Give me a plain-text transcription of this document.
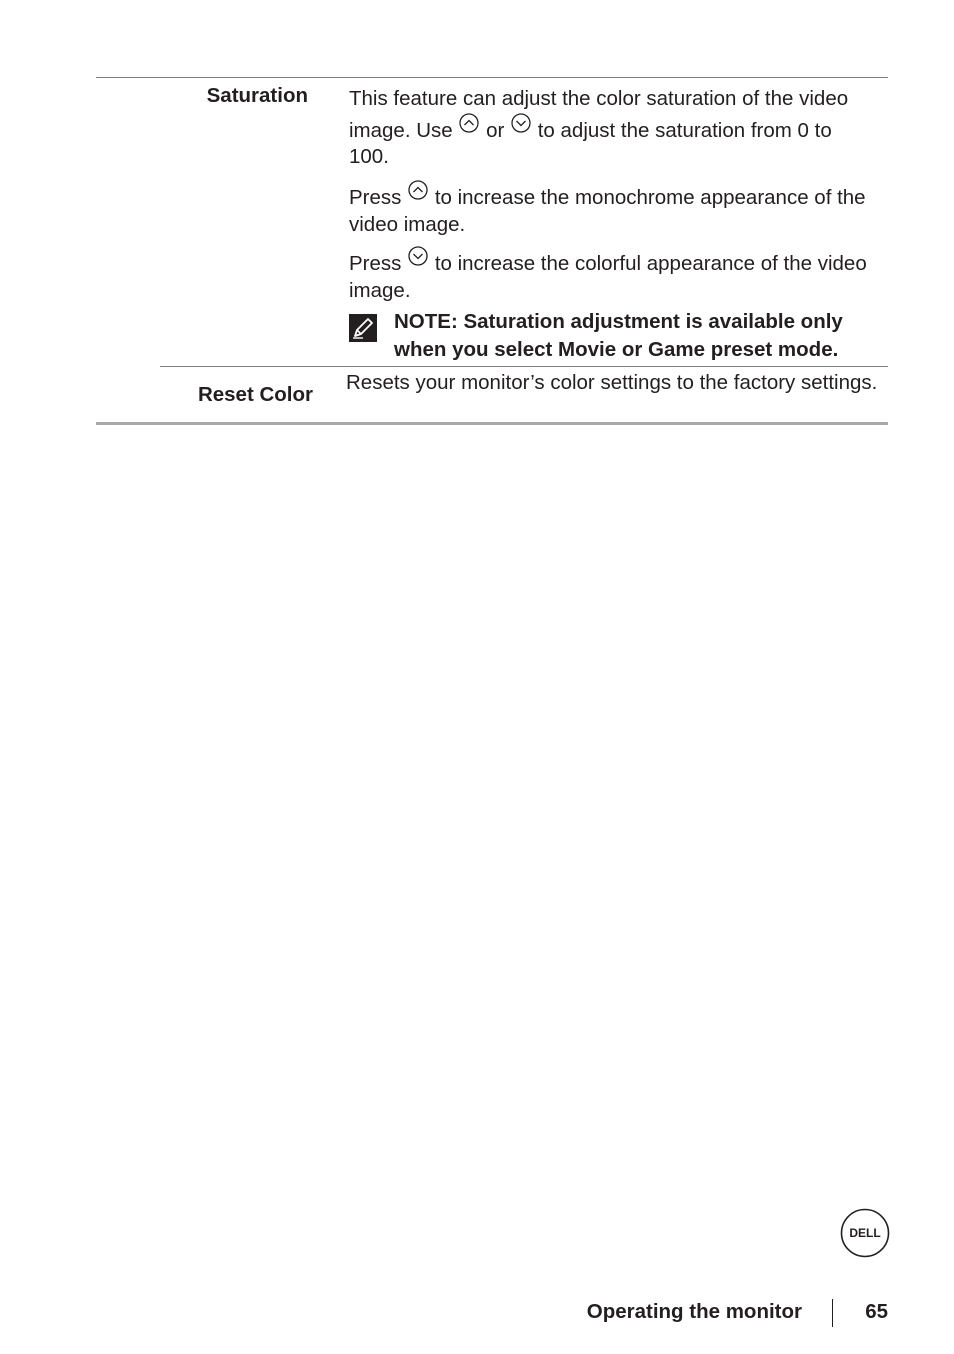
Saturation This feature can adjust the color saturation of the video
image. Use or to adjust the saturation from 0 to
100.
Press to increase the monochrome appearance of the video image.
Press to increase the colorful appearance of the video image.
NOTE: Saturation adjustment is available only when you select Movie or Game preset mode.
Reset Color
Resets your monitor’s color settings to the factory settings.
DELL
Operating the monitor	65
